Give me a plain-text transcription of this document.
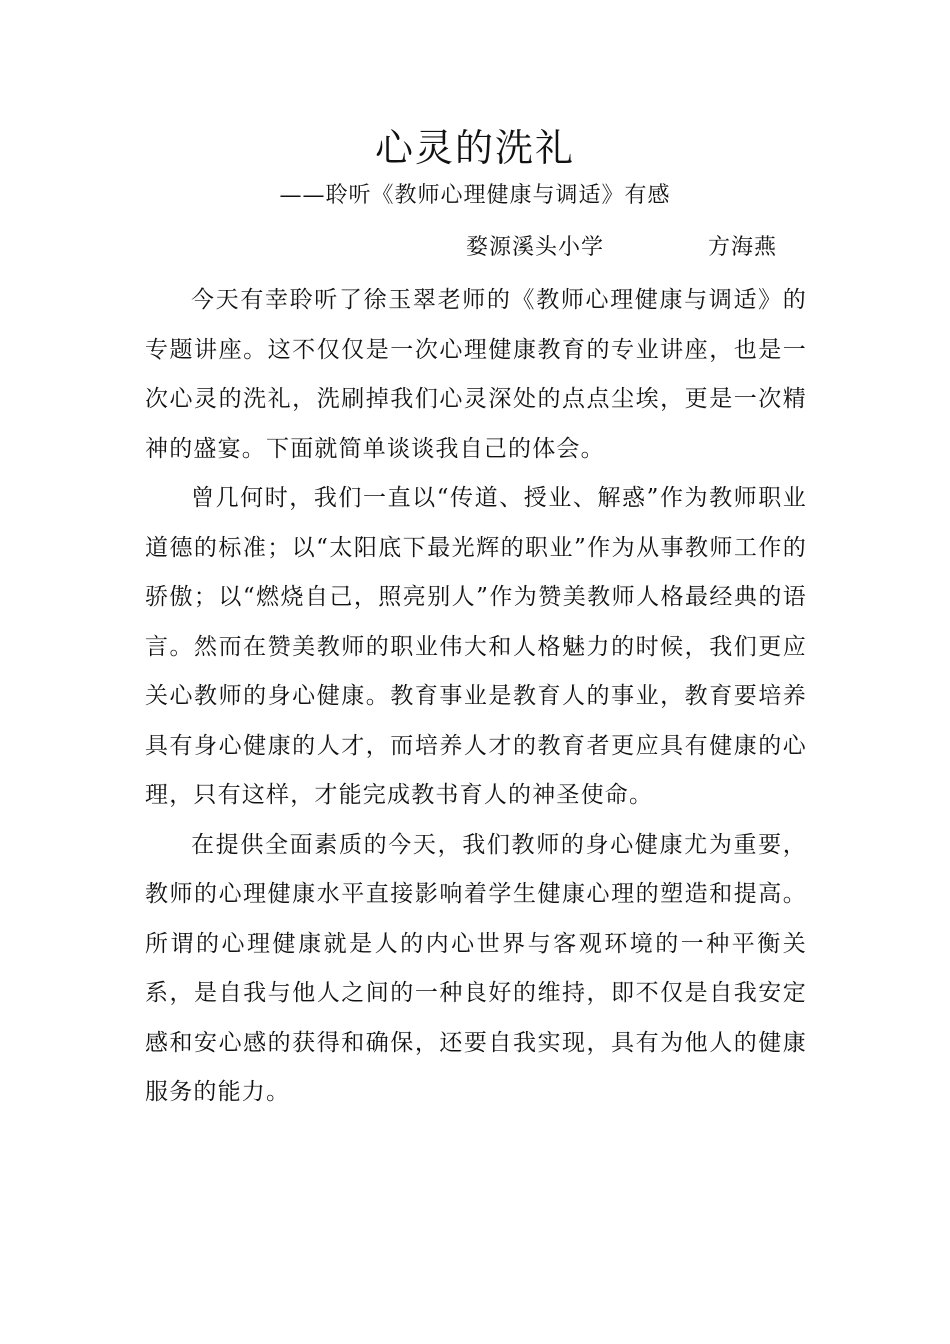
心灵的洗礼
——聆听《教师心理健康与调适》有感
婺源溪头小学	方海燕

今天有幸聆听了徐玉翠老师的《教师心理健康与调适》的专题讲座。这不仅仅是一次心理健康教育的专业讲座，也是一次心灵的洗礼，洗刷掉我们心灵深处的点点尘埃，更是一次精神的盛宴。下面就简单谈谈我自己的体会。

曾几何时，我们一直以“传道、授业、解惑”作为教师职业道德的标准；以“太阳底下最光辉的职业”作为从事教师工作的骄傲；以“燃烧自己，照亮别人”作为赞美教师人格最经典的语言。然而在赞美教师的职业伟大和人格魅力的时候，我们更应关心教师的身心健康。教育事业是教育人的事业，教育要培养具有身心健康的人才，而培养人才的教育者更应具有健康的心理，只有这样，才能完成教书育人的神圣使命。

在提供全面素质的今天，我们教师的身心健康尤为重要，教师的心理健康水平直接影响着学生健康心理的塑造和提高。所谓的心理健康就是人的内心世界与客观环境的一种平衡关系，是自我与他人之间的一种良好的维持，即不仅是自我安定感和安心感的获得和确保，还要自我实现，具有为他人的健康服务的能力。
